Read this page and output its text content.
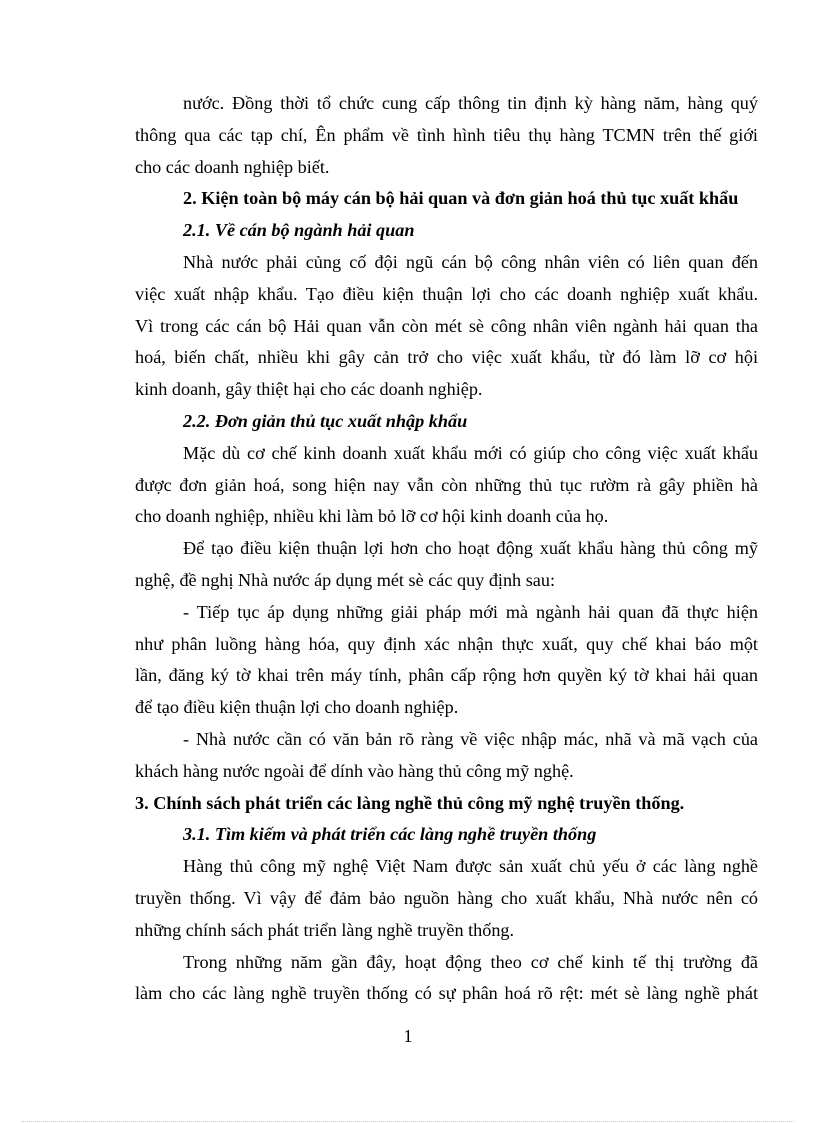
nước. Đồng thời tổ chức cung cấp thông tin định kỳ hàng năm, hàng quý
thông qua các tạp chí, Ên phẩm về tình hình tiêu thụ hàng TCMN trên thế giới
cho các doanh nghiệp biết.
2. Kiện toàn bộ máy cán bộ hải quan và đơn giản hoá thủ tục xuất khẩu
2.1. Về cán bộ ngành hải quan
Nhà nước phải củng cố đội ngũ cán bộ công nhân viên có liên quan đến
việc xuất nhập khẩu. Tạo điều kiện thuận lợi cho các doanh nghiệp xuất khẩu.
Vì trong các cán bộ Hải quan vẫn còn mét sè công nhân viên ngành hải quan tha
hoá, biến chất, nhiều khi gây cản trở cho việc xuất khẩu, từ đó làm lỡ cơ hội
kinh doanh, gây thiệt hại cho các doanh nghiệp.
2.2. Đơn giản thủ tục xuất nhập khẩu
Mặc dù cơ chế kinh doanh xuất khẩu mới có giúp cho công việc xuất khẩu
được đơn giản hoá, song hiện nay vẫn còn những thủ tục rườm rà gây phiền hà
cho doanh nghiệp, nhiều khi làm bỏ lỡ cơ hội kinh doanh của họ.
Để tạo điều kiện thuận lợi hơn cho hoạt động xuất khẩu hàng thủ công mỹ
nghệ, đề nghị Nhà nước áp dụng mét sè các quy định sau:
- Tiếp tục áp dụng những giải pháp mới mà ngành hải quan đã thực hiện
như phân luồng hàng hóa, quy định xác nhận thực xuất, quy chế khai báo một
lần, đăng ký tờ khai trên máy tính, phân cấp rộng hơn quyền ký tờ khai hải quan
để tạo điều kiện thuận lợi cho doanh nghiệp.
- Nhà nước cần có văn bản rõ ràng về việc nhập mác, nhã và mã vạch của
khách hàng nước ngoài để dính vào hàng thủ công mỹ nghệ.
3. Chính sách phát triển các làng nghề thủ công mỹ nghệ truyền thống.
3.1. Tìm kiếm và phát triển các làng nghề truyền thống
Hàng thủ công mỹ nghệ Việt Nam được sản xuất chủ yếu ở các làng nghề
truyền thống. Vì vậy để đảm bảo nguồn hàng cho xuất khẩu, Nhà nước nên có
những chính sách phát triển làng nghề truyền thống.
Trong những năm gần đây, hoạt động theo cơ chế kinh tế thị trường đã
làm cho các làng nghề truyền thống có sự phân hoá rõ rệt: mét sè làng nghề phát
1
